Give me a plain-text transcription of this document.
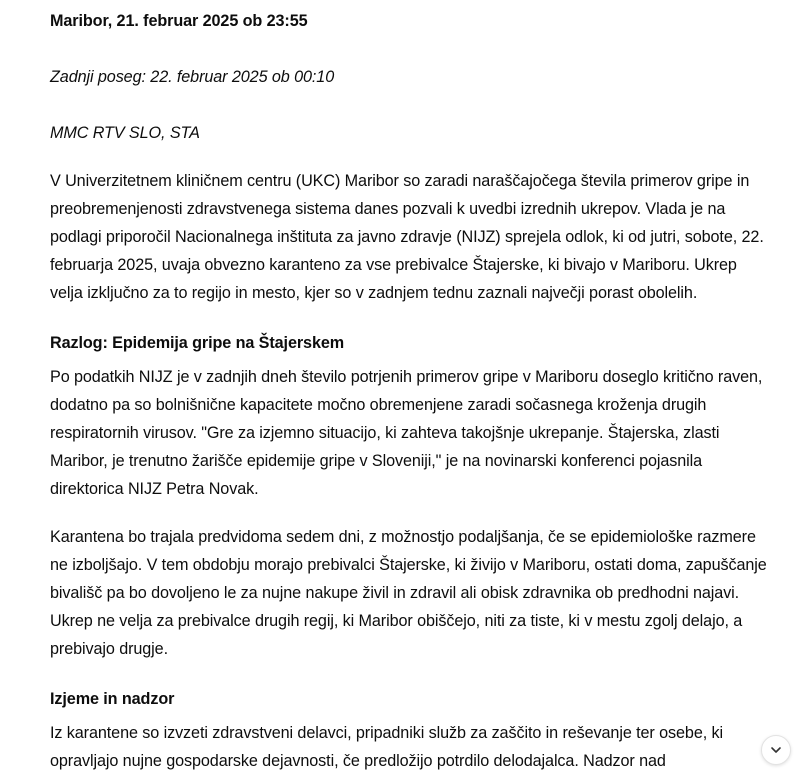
Maribor, 21. februar 2025 ob 23:55

Zadnji poseg: 22. februar 2025 ob 00:10

MMC RTV SLO, STA

V Univerzitetnem kliničnem centru (UKC) Maribor so zaradi naraščajočega števila primerov gripe in
preobremenjenosti zdravstvenega sistema danes pozvali k uvedbi izrednih ukrepov. Vlada je na
podlagi priporočil Nacionalnega inštituta za javno zdravje (NIJZ) sprejela odlok, ki od jutri, sobote, 22.
februarja 2025, uvaja obvezno karanteno za vse prebivalce Štajerske, ki bivajo v Mariboru. Ukrep
velja izključno za to regijo in mesto, kjer so v zadnjem tednu zaznali največji porast obolelih.

Razlog: Epidemija gripe na Štajerskem

Po podatkih NIJZ je v zadnjih dneh število potrjenih primerov gripe v Mariboru doseglo kritično raven,
dodatno pa so bolnišnične kapacitete močno obremenjene zaradi sočasnega kroženja drugih
respiratornih virusov. "Gre za izjemno situacijo, ki zahteva takojšnje ukrepanje. Štajerska, zlasti
Maribor, je trenutno žarišče epidemije gripe v Sloveniji," je na novinarski konferenci pojasnila
direktorica NIJZ Petra Novak.

Karantena bo trajala predvidoma sedem dni, z možnostjo podaljšanja, če se epidemiološke razmere
ne izboljšajo. V tem obdobju morajo prebivalci Štajerske, ki živijo v Mariboru, ostati doma, zapuščanje
bivališč pa bo dovoljeno le za nujne nakupe živil in zdravil ali obisk zdravnika ob predhodni najavi.
Ukrep ne velja za prebivalce drugih regij, ki Maribor obiščejo, niti za tiste, ki v mestu zgolj delajo, a
prebivajo drugje.

Izjeme in nadzor

Iz karantene so izvzeti zdravstveni delavci, pripadniki služb za zaščito in reševanje ter osebe, ki
opravljajo nujne gospodarske dejavnosti, če predložijo potrdilo delodajalca. Nadzor nad
